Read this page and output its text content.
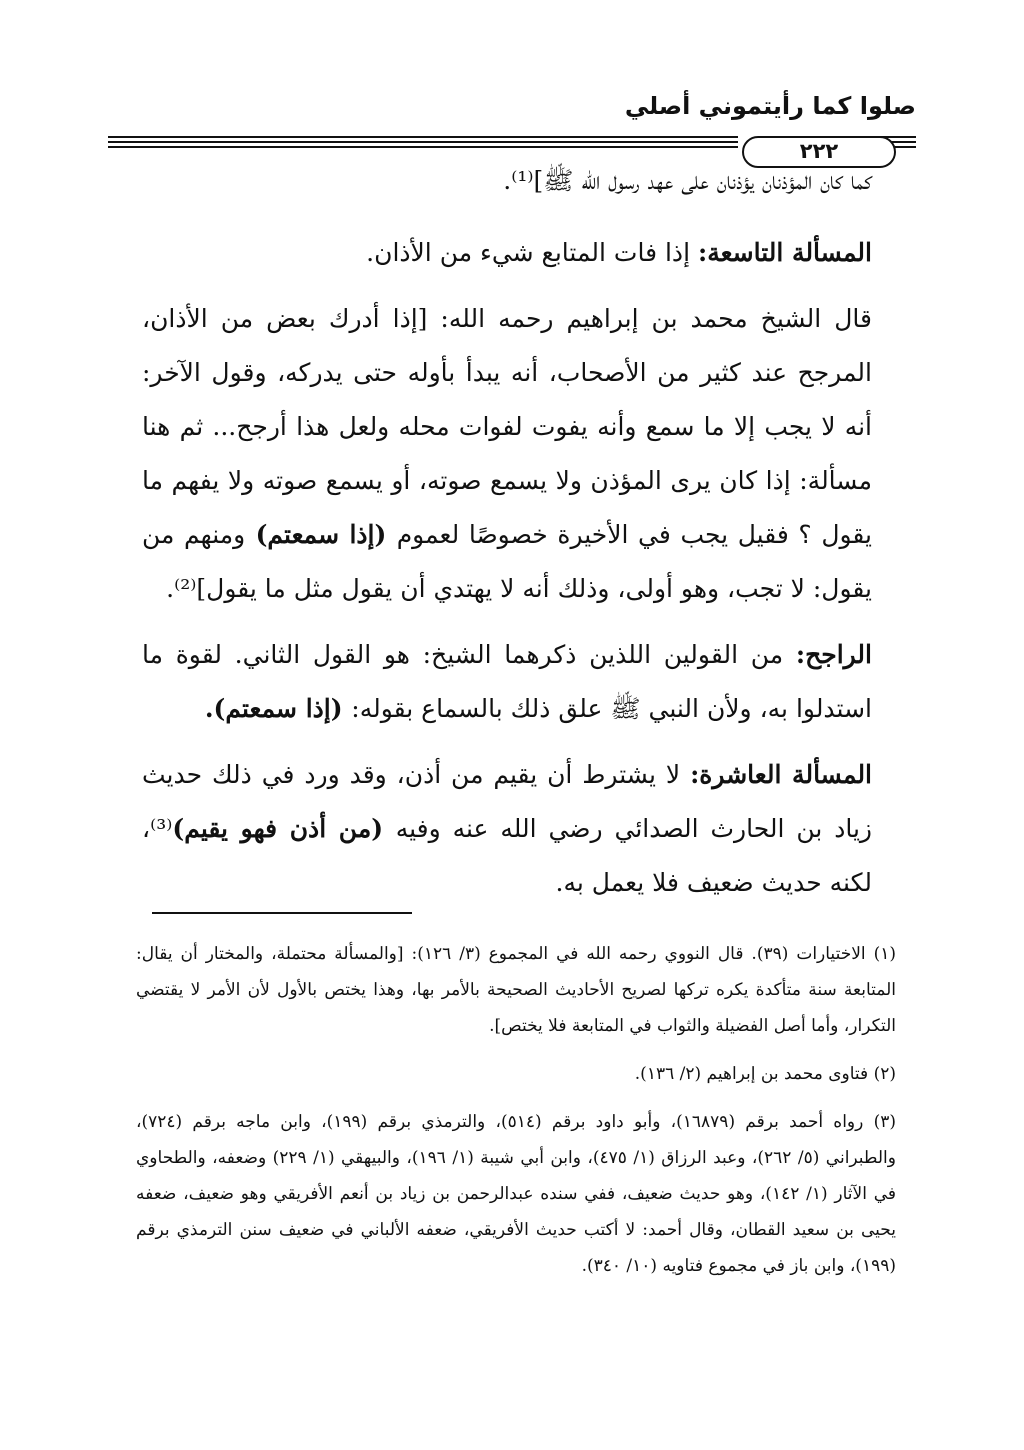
صلوا كما رأيتموني أصلي
٢٢٢

كما كان المؤذنان يؤذنان على عهد رسول الله ﷺ]⁽¹⁾.

المسألة التاسعة: إذا فات المتابع شيء من الأذان.

قال الشيخ محمد بن إبراهيم رحمه الله: [إذا أدرك بعض من الأذان، المرجح عند كثير من الأصحاب، أنه يبدأ بأوله حتى يدركه، وقول الآخر: أنه لا يجب إلا ما سمع وأنه يفوت لفوات محله ولعل هذا أرجح... ثم هنا مسألة: إذا كان يرى المؤذن ولا يسمع صوته، أو يسمع صوته ولا يفهم ما يقول ؟ فقيل يجب في الأخيرة خصوصًا لعموم (إذا سمعتم) ومنهم من يقول: لا تجب، وهو أولى، وذلك أنه لا يهتدي أن يقول مثل ما يقول]⁽²⁾.

الراجح: من القولين اللذين ذكرهما الشيخ: هو القول الثاني. لقوة ما استدلوا به، ولأن النبي ﷺ علق ذلك بالسماع بقوله: (إذا سمعتم).

المسألة العاشرة: لا يشترط أن يقيم من أذن، وقد ورد في ذلك حديث زياد بن الحارث الصدائي رضي الله عنه وفيه (من أذن فهو يقيم)⁽³⁾، لكنه حديث ضعيف فلا يعمل به.

(١) الاختيارات (٣٩). قال النووي رحمه الله في المجموع (٣/ ١٢٦): [والمسألة محتملة، والمختار أن يقال: المتابعة سنة متأكدة يكره تركها لصريح الأحاديث الصحيحة بالأمر بها، وهذا يختص بالأول لأن الأمر لا يقتضي التكرار، وأما أصل الفضيلة والثواب في المتابعة فلا يختص].

(٢) فتاوى محمد بن إبراهيم (٢/ ١٣٦).

(٣) رواه أحمد برقم (١٦٨٧٩)، وأبو داود برقم (٥١٤)، والترمذي برقم (١٩٩)، وابن ماجه برقم (٧٢٤)، والطبراني (٥/ ٢٦٢)، وعبد الرزاق (١/ ٤٧٥)، وابن أبي شيبة (١/ ١٩٦)، والبيهقي (١/ ٢٢٩) وضعفه، والطحاوي في الآثار (١/ ١٤٢)، وهو حديث ضعيف، ففي سنده عبدالرحمن بن زياد بن أنعم الأفريقي وهو ضعيف، ضعفه يحيى بن سعيد القطان، وقال أحمد: لا أكتب حديث الأفريقي، ضعفه الألباني في ضعيف سنن الترمذي برقم (١٩٩)، وابن باز في مجموع فتاويه (١٠/ ٣٤٠).
